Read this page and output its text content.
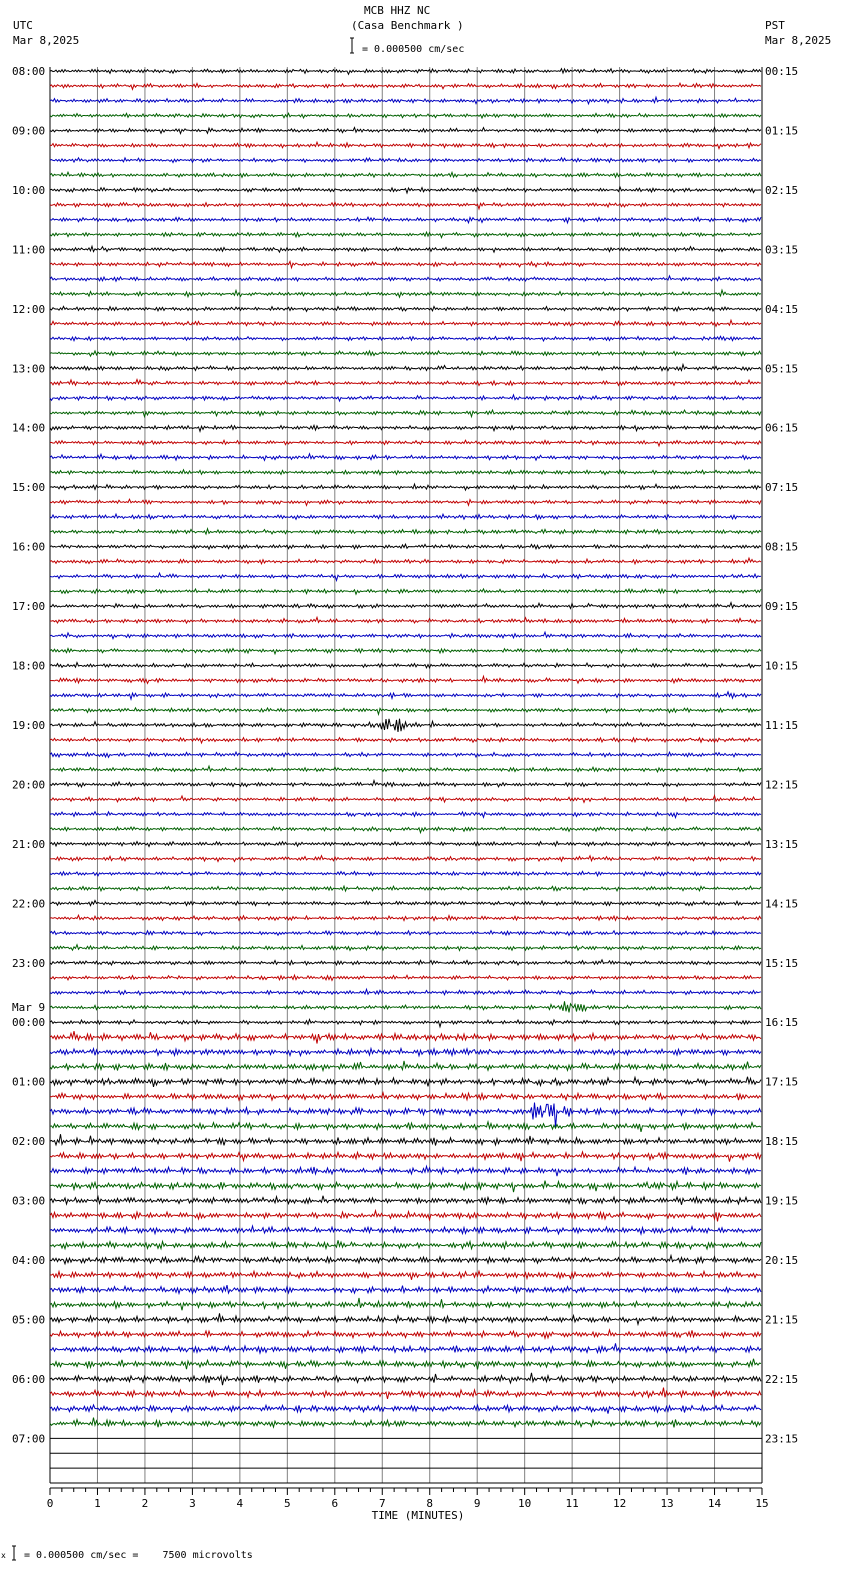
MCB HHZ NC
(Casa Benchmark )
= 0.000500 cm/sec
UTC
Mar 8,2025
PST
Mar 8,2025
08:00	00:15
09:00	01:15
10:00	02:15
11:00	03:15
12:00	04:15
13:00	05:15
14:00	06:15
15:00	07:15
16:00	08:15
17:00	09:15
18:00	10:15
19:00	11:15
20:00	12:15
21:00	13:15
22:00	14:15
23:00	15:15
00:00	16:15
01:00	17:15
02:00	18:15
03:00	19:15
04:00	20:15
05:00	21:15
06:00	22:15
07:00	23:15
Mar 9
0	1	2	3	4	5	6	7	8	9	10	11	12	13	14	15
TIME (MINUTES)
x = 0.000500 cm/sec =    7500 microvolts
